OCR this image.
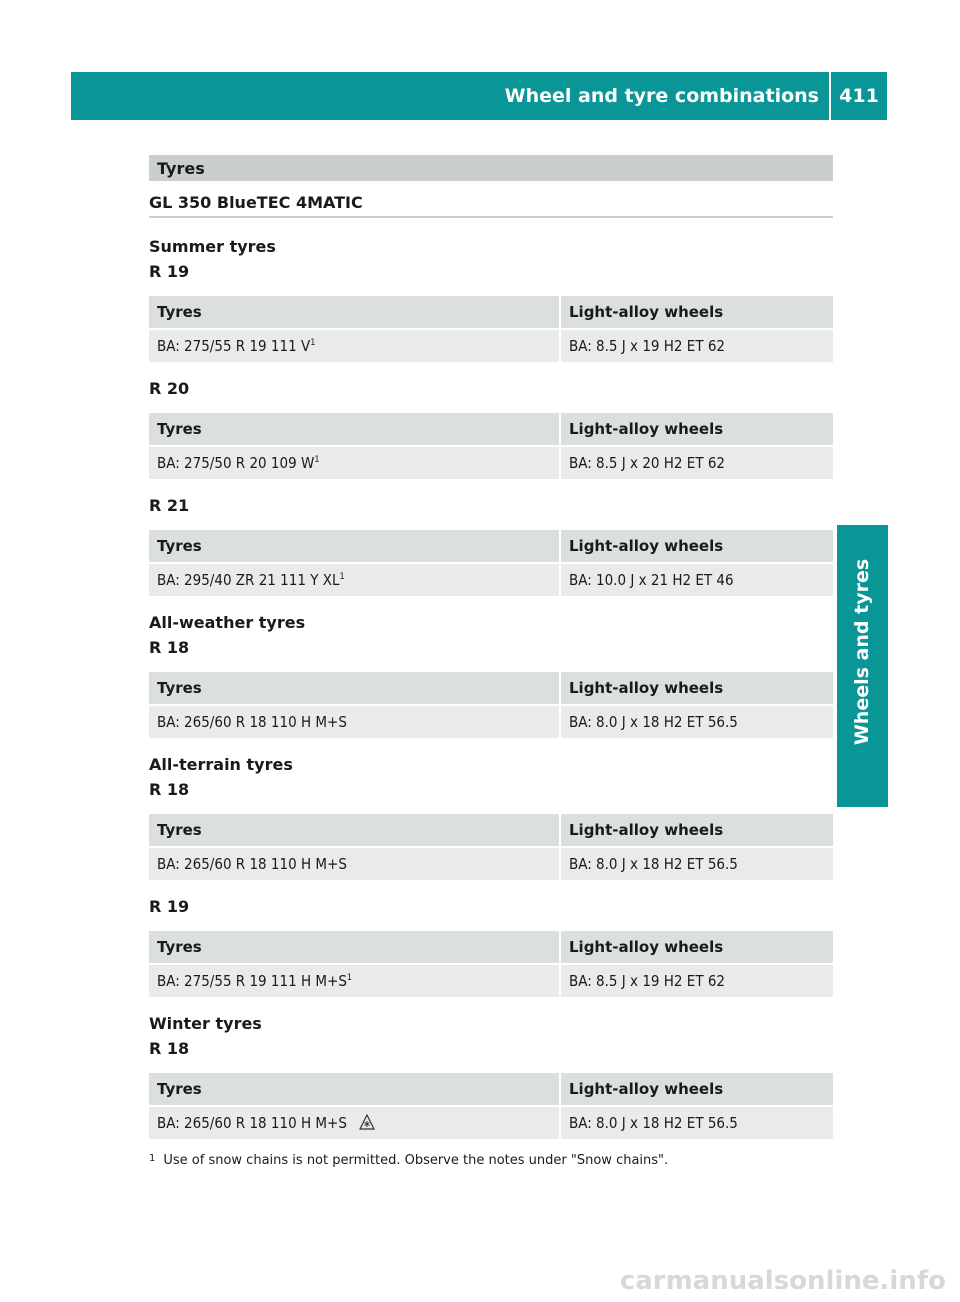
Wheel and tyre combinations	411
Wheels and tyres
Tyres
GL 350 BlueTEC 4MATIC
Summer tyres
R 19
Tyres	Light-alloy wheels
BA: 275/55 R 19 111 $V^1$	BA: 8.5 J x 19 H2 ET 62
R 20
Tyres	Light-alloy wheels
BA: 275/50 R 20 109 $W^1$	BA: 8.5 J x 20 H2 ET 62
R 21
Tyres	Light-alloy wheels
BA: 295/40 ZR 21 111 Y $XL^1$	BA: 10.0 J x 21 H2 ET 46
All-weather tyres
R 18
Tyres	Light-alloy wheels
BA: 265/60 R 18 110 H M+S	BA: 8.0 J x 18 H2 ET 56.5
All-terrain tyres
R 18
Tyres	Light-alloy wheels
BA: 265/60 R 18 110 H M+S	BA: 8.0 J x 18 H2 ET 56.5
R 19
Tyres	Light-alloy wheels
BA: 275/55 R 19 111 H $M+S^1$	BA: 8.5 J x 19 H2 ET 62
Winter tyres
R 18
Tyres	Light-alloy wheels
BA: 265/60 R 18 110 H M+S	BA: 8.0 J x 18 H2 ET 56.5
$^1$ Use of snow chains is not permitted. Observe the notes under "Snow chains".
carmanualsonline.info
